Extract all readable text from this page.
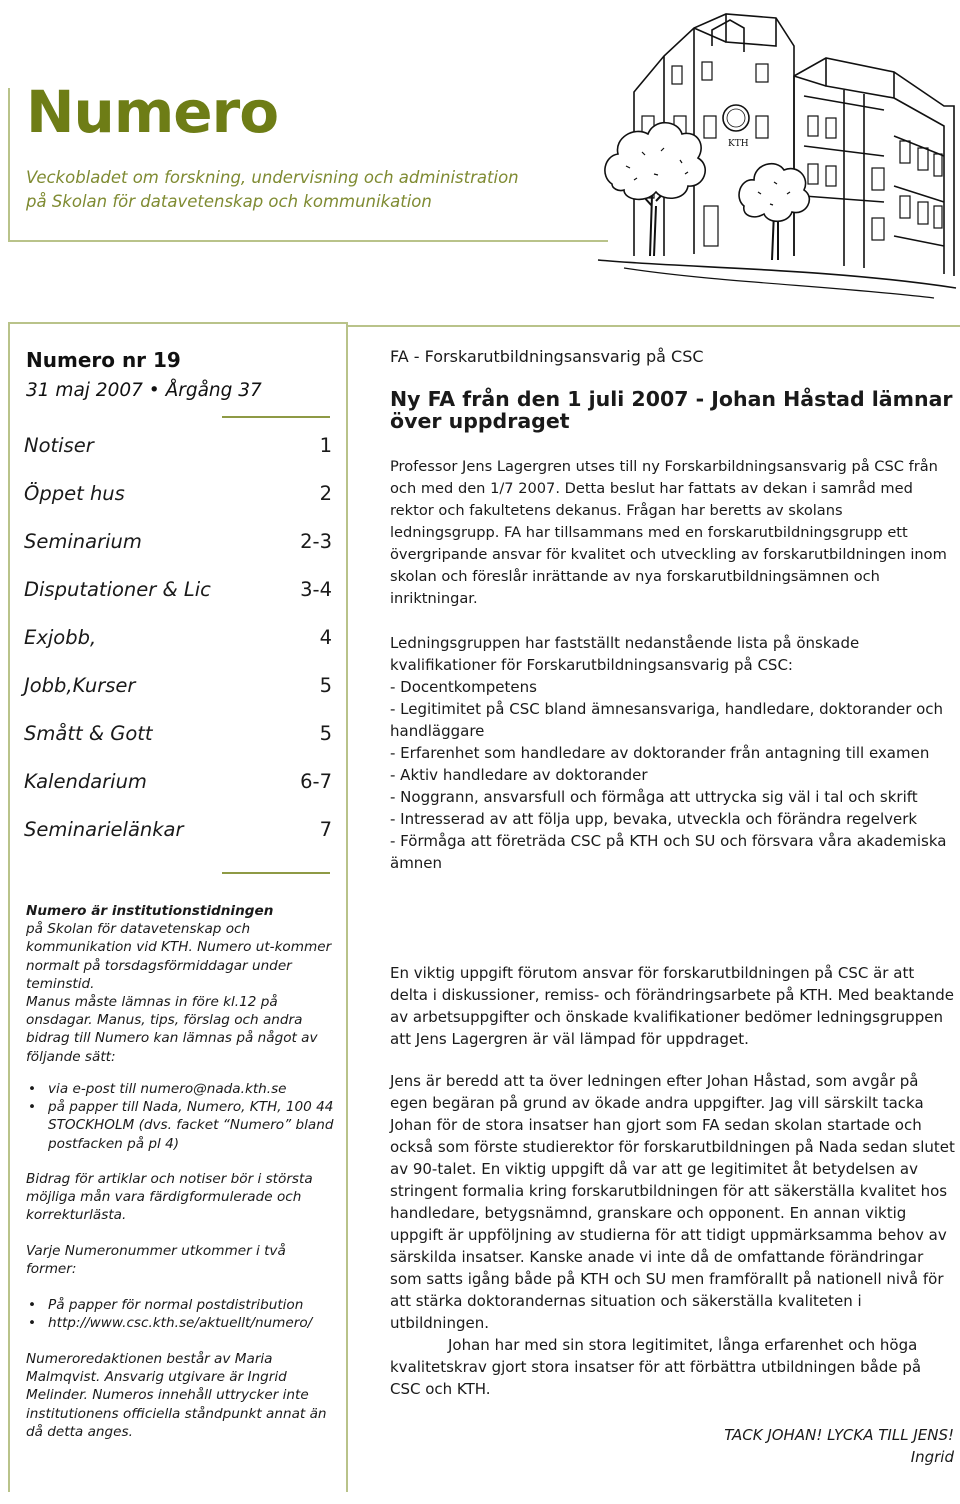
Numero
Veckobladet om forskning, undervisning och administration
på Skolan för datavetenskap och kommunikation
KTH
Numero nr 19
31 maj 2007 • Årgång 37
Notiser	1
Öppet hus	2
Seminarium	2-3
Disputationer & Lic	3-4
Exjobb,	4
Jobb,Kurser	5
Smått & Gott	5
Kalendarium	6-7
Seminarielänkar	7
Numero är institutionstidningen
på Skolan för datavetenskap och kommunikation vid KTH. Numero ut-kommer normalt på torsdagsförmiddagar under teminstid.
Manus måste lämnas in före kl.12 på onsdagar. Manus, tips, förslag och andra bidrag till Numero kan lämnas på något av följande sätt:
• via e-post till numero@nada.kth.se
• på papper till Nada, Numero, KTH, 100 44 STOCKHOLM (dvs. facket “Numero” bland postfacken på pl 4)
Bidrag för artiklar och notiser bör i största möjliga mån vara färdigformulerade och korrekturlästa.
Varje Numeronummer utkommer i två former:
• På papper för normal postdistribution
• http://www.csc.kth.se/aktuellt/numero/
Numeroredaktionen består av Maria Malmqvist. Ansvarig utgivare är Ingrid Melinder. Numeros innehåll uttrycker inte institutionens officiella ståndpunkt annat än då detta anges.
FA - Forskarutbildningsansvarig på CSC
Ny FA från den 1 juli 2007 - Johan Håstad lämnar över uppdraget
Professor Jens Lagergren utses till ny Forskarbildningsansvarig på CSC från och med den 1/7 2007. Detta beslut har fattats av dekan i samråd med rektor och fakultetens dekanus. Frågan har beretts av skolans ledningsgrupp. FA har tillsammans med en forskarutbildningsgrupp ett övergripande ansvar för kvalitet och utveckling av forskarutbildningen inom skolan och föreslår inrättande av nya forskarutbildningsämnen och inriktningar.
Ledningsgruppen har fastställt nedanstående lista på önskade kvalifikationer för Forskarutbildningsansvarig på CSC:
- Docentkompetens
- Legitimitet på CSC bland ämnesansvariga, handledare, doktorander och handläggare
- Erfarenhet som handledare av doktorander från antagning till examen
- Aktiv handledare av doktorander
- Noggrann, ansvarsfull och förmåga att uttrycka sig väl i tal och skrift
- Intresserad av att följa upp, bevaka, utveckla och förändra regelverk
- Förmåga att företräda CSC på KTH och SU och försvara våra akademiska ämnen
En viktig uppgift förutom ansvar för forskarutbildningen på CSC är att delta i diskussioner, remiss- och förändringsarbete på KTH. Med beaktande av arbetsuppgifter och önskade kvalifikationer bedömer ledningsgruppen att Jens Lagergren är väl lämpad för uppdraget.
Jens är beredd att ta över ledningen efter Johan Håstad, som avgår på egen begäran på grund av ökade andra uppgifter. Jag vill särskilt tacka Johan för de stora insatser han gjort som FA sedan skolan startade och också som förste studierektor för forskarutbildningen på Nada sedan slutet av 90-talet. En viktig uppgift då var att ge legitimitet åt betydelsen av stringent formalia kring forskarutbildningen för att säkerställa kvalitet hos handledare, betygsnämnd, granskare och opponent. En annan viktig uppgift är uppföljning av studierna för att tidigt uppmärksamma behov av särskilda insatser. Kanske anade vi inte då de omfattande förändringar som satts igång både på KTH och SU men framförallt på nationell nivå för att stärka doktorandernas situation och säkerställa kvaliteten i utbildningen.
Johan har med sin stora legitimitet, långa erfarenhet och höga kvalitetskrav gjort stora insatser för att förbättra utbildningen både på CSC och KTH.
TACK JOHAN! LYCKA TILL JENS!
Ingrid
